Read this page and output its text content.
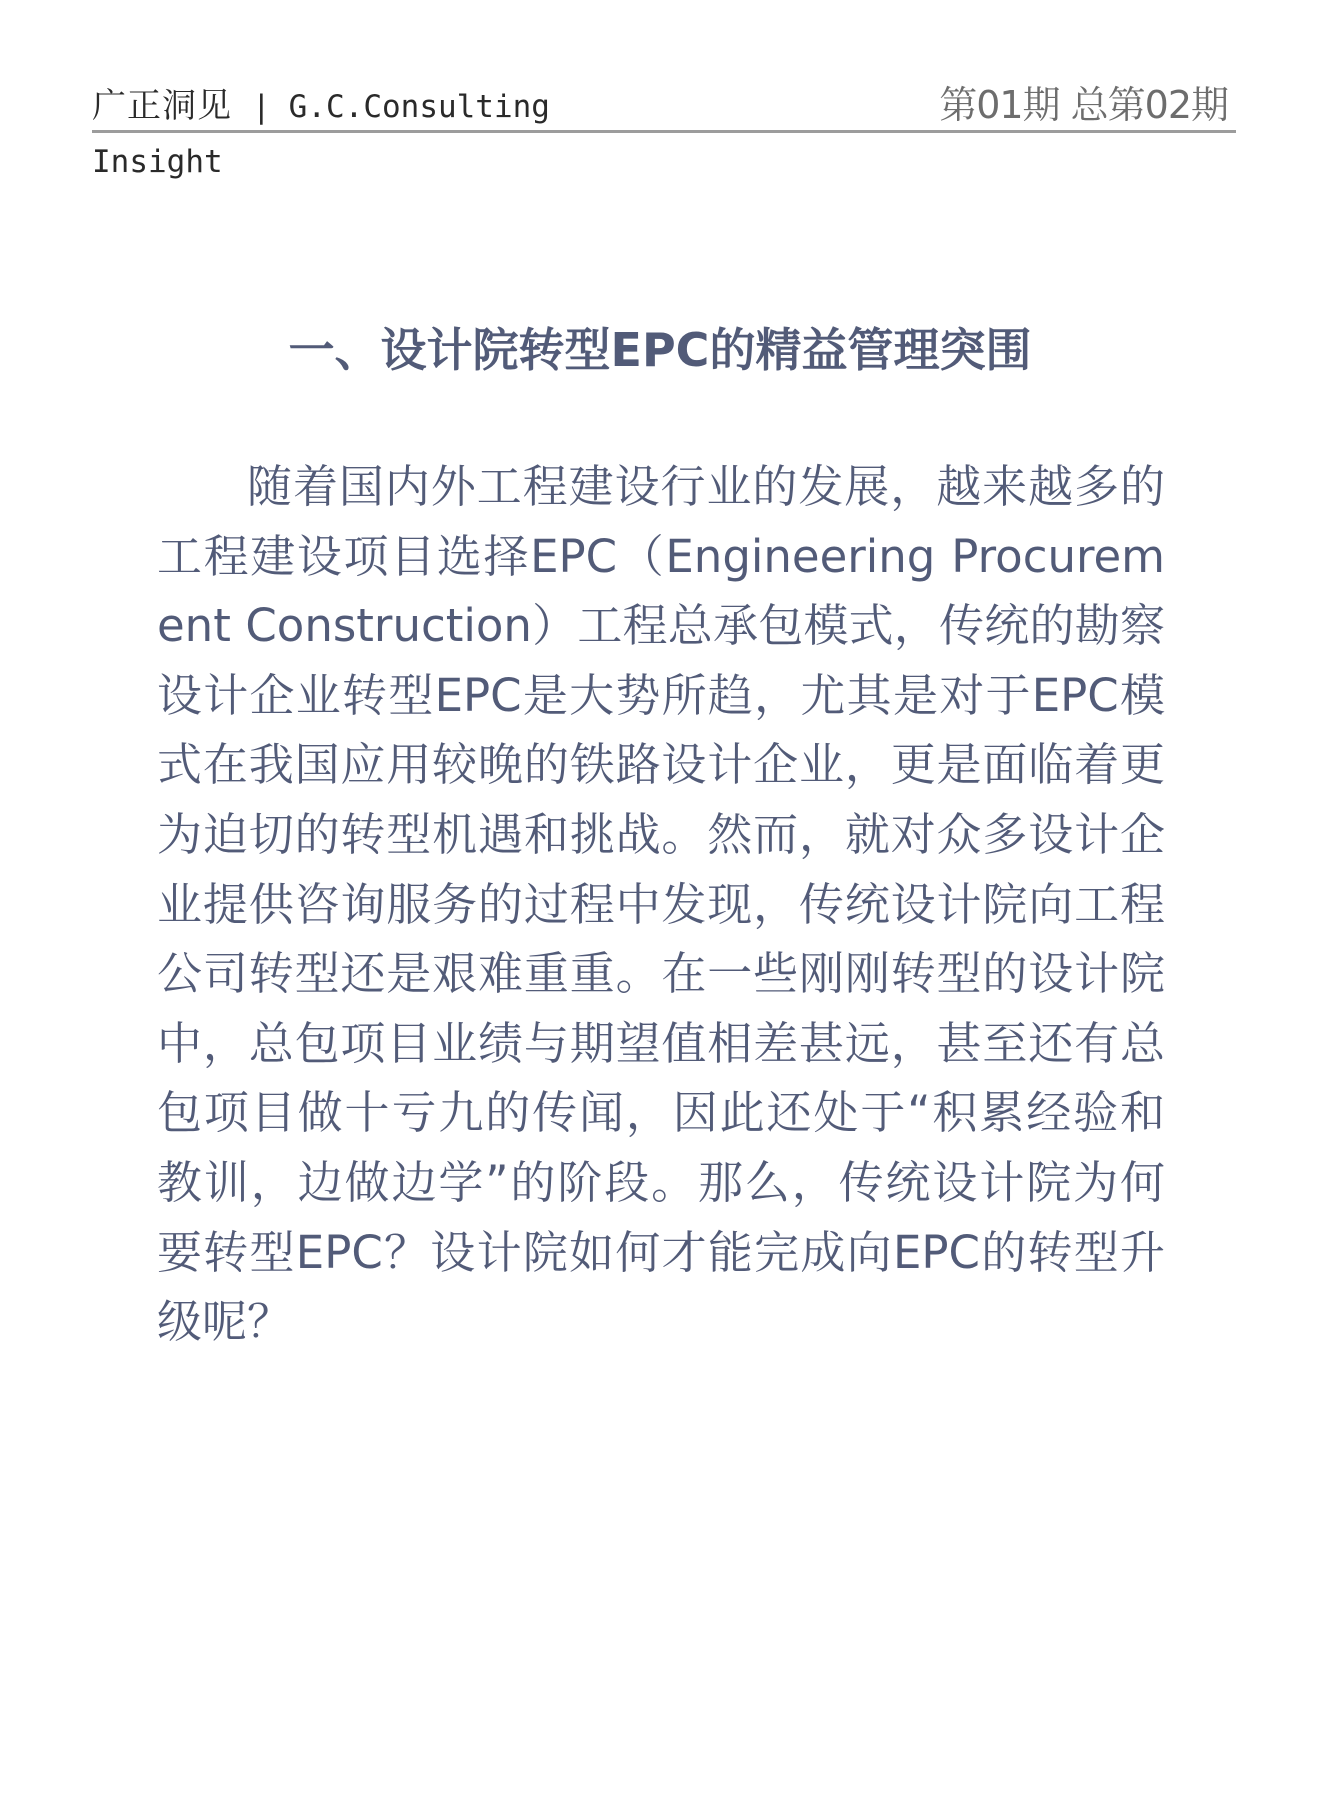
广正洞见 | G.C.Consulting
Insight
第01期 总第02期
一、设计院转型EPC的精益管理突围

随着国内外工程建设行业的发展，越来越多的工程建设项目选择EPC（Engineering Procurement Construction）工程总承包模式，传统的勘察设计企业转型EPC是大势所趋，尤其是对于EPC模式在我国应用较晚的铁路设计企业，更是面临着更为迫切的转型机遇和挑战。然而，就对众多设计企业提供咨询服务的过程中发现，传统设计院向工程公司转型还是艰难重重。在一些刚刚转型的设计院中，总包项目业绩与期望值相差甚远，甚至还有总包项目做十亏九的传闻，因此还处于“积累经验和教训，边做边学”的阶段。那么，传统设计院为何要转型EPC？设计院如何才能完成向EPC的转型升级呢？
